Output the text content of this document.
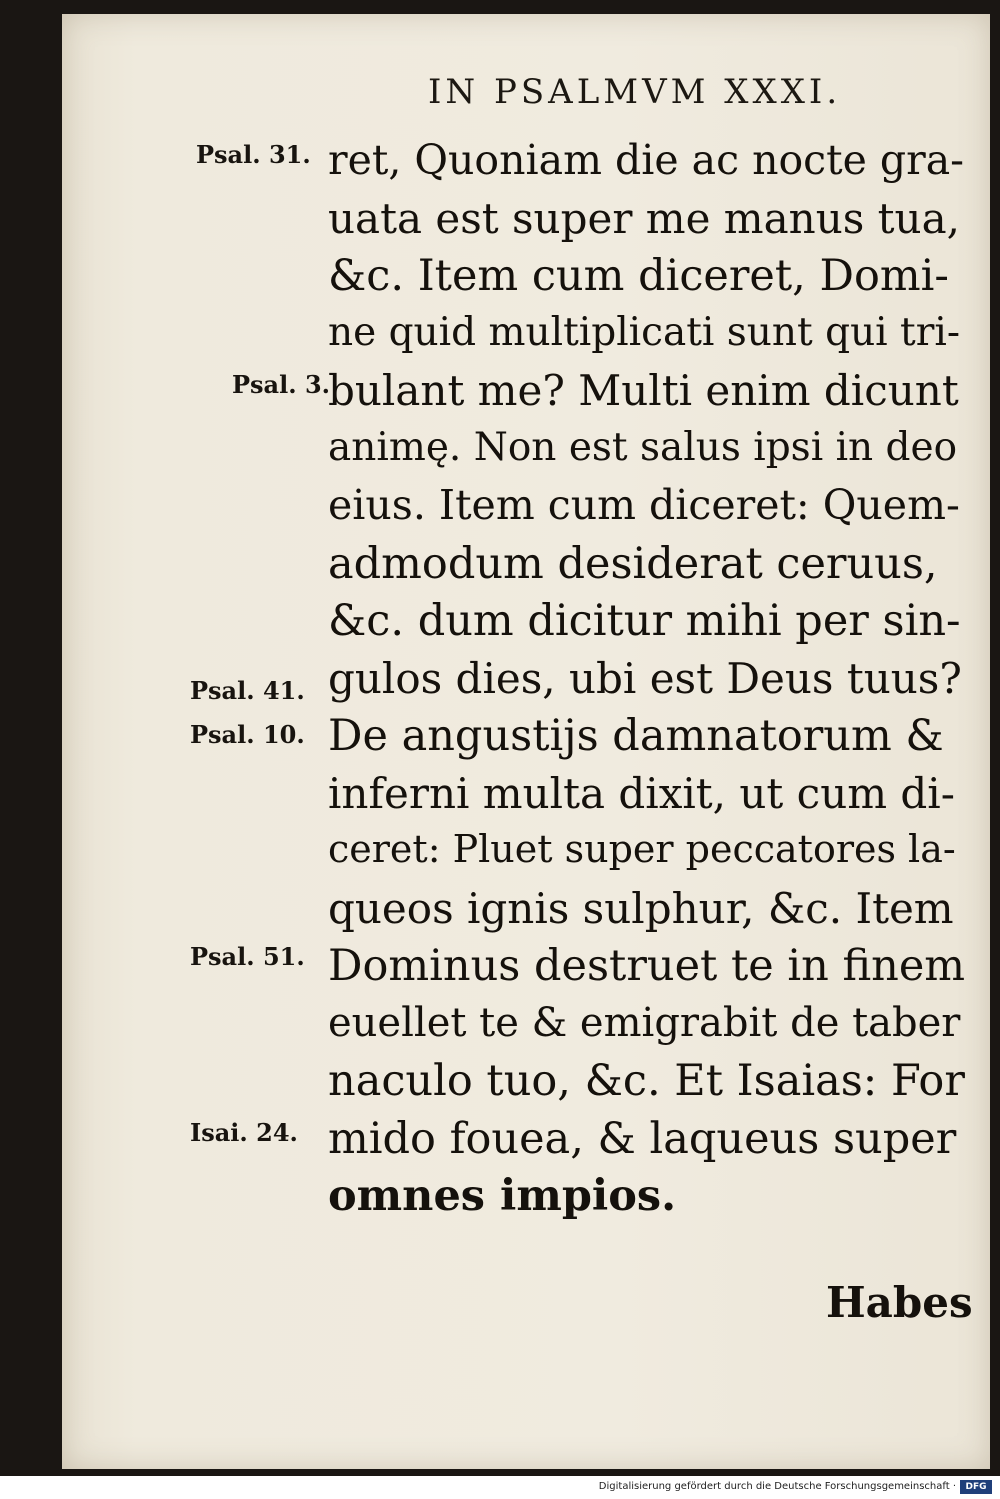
IN PSALMVM XXXI.
ret, Quoniam die ac nocte gra-
uata est super me manus tua,
&c. Item cum diceret, Domi-
ne quid multiplicati sunt qui tri-
bulant me? Multi enim dicunt
animę. Non est salus ipsi in deo
eius. Item cum diceret: Quem-
admodum desiderat ceruus,
&c. dum dicitur mihi per sin-
gulos dies, ubi est Deus tuus?
De angustijs damnatorum &
inferni multa dixit, ut cum di-
ceret: Pluet super peccatores la-
queos ignis sulphur, &c. Item
Dominus destruet te in finem
euellet te & emigrabit de taber
naculo tuo, &c. Et Isaias: For
mido fouea, & laqueus super
omnes impios.
Psal. 31.
Psal. 3.
Psal. 41.
Psal. 10.
Psal. 51.
Isai. 24.
Habes
Digitalisierung gefördert durch die Deutsche Forschungsgemeinschaft ·	DFG
